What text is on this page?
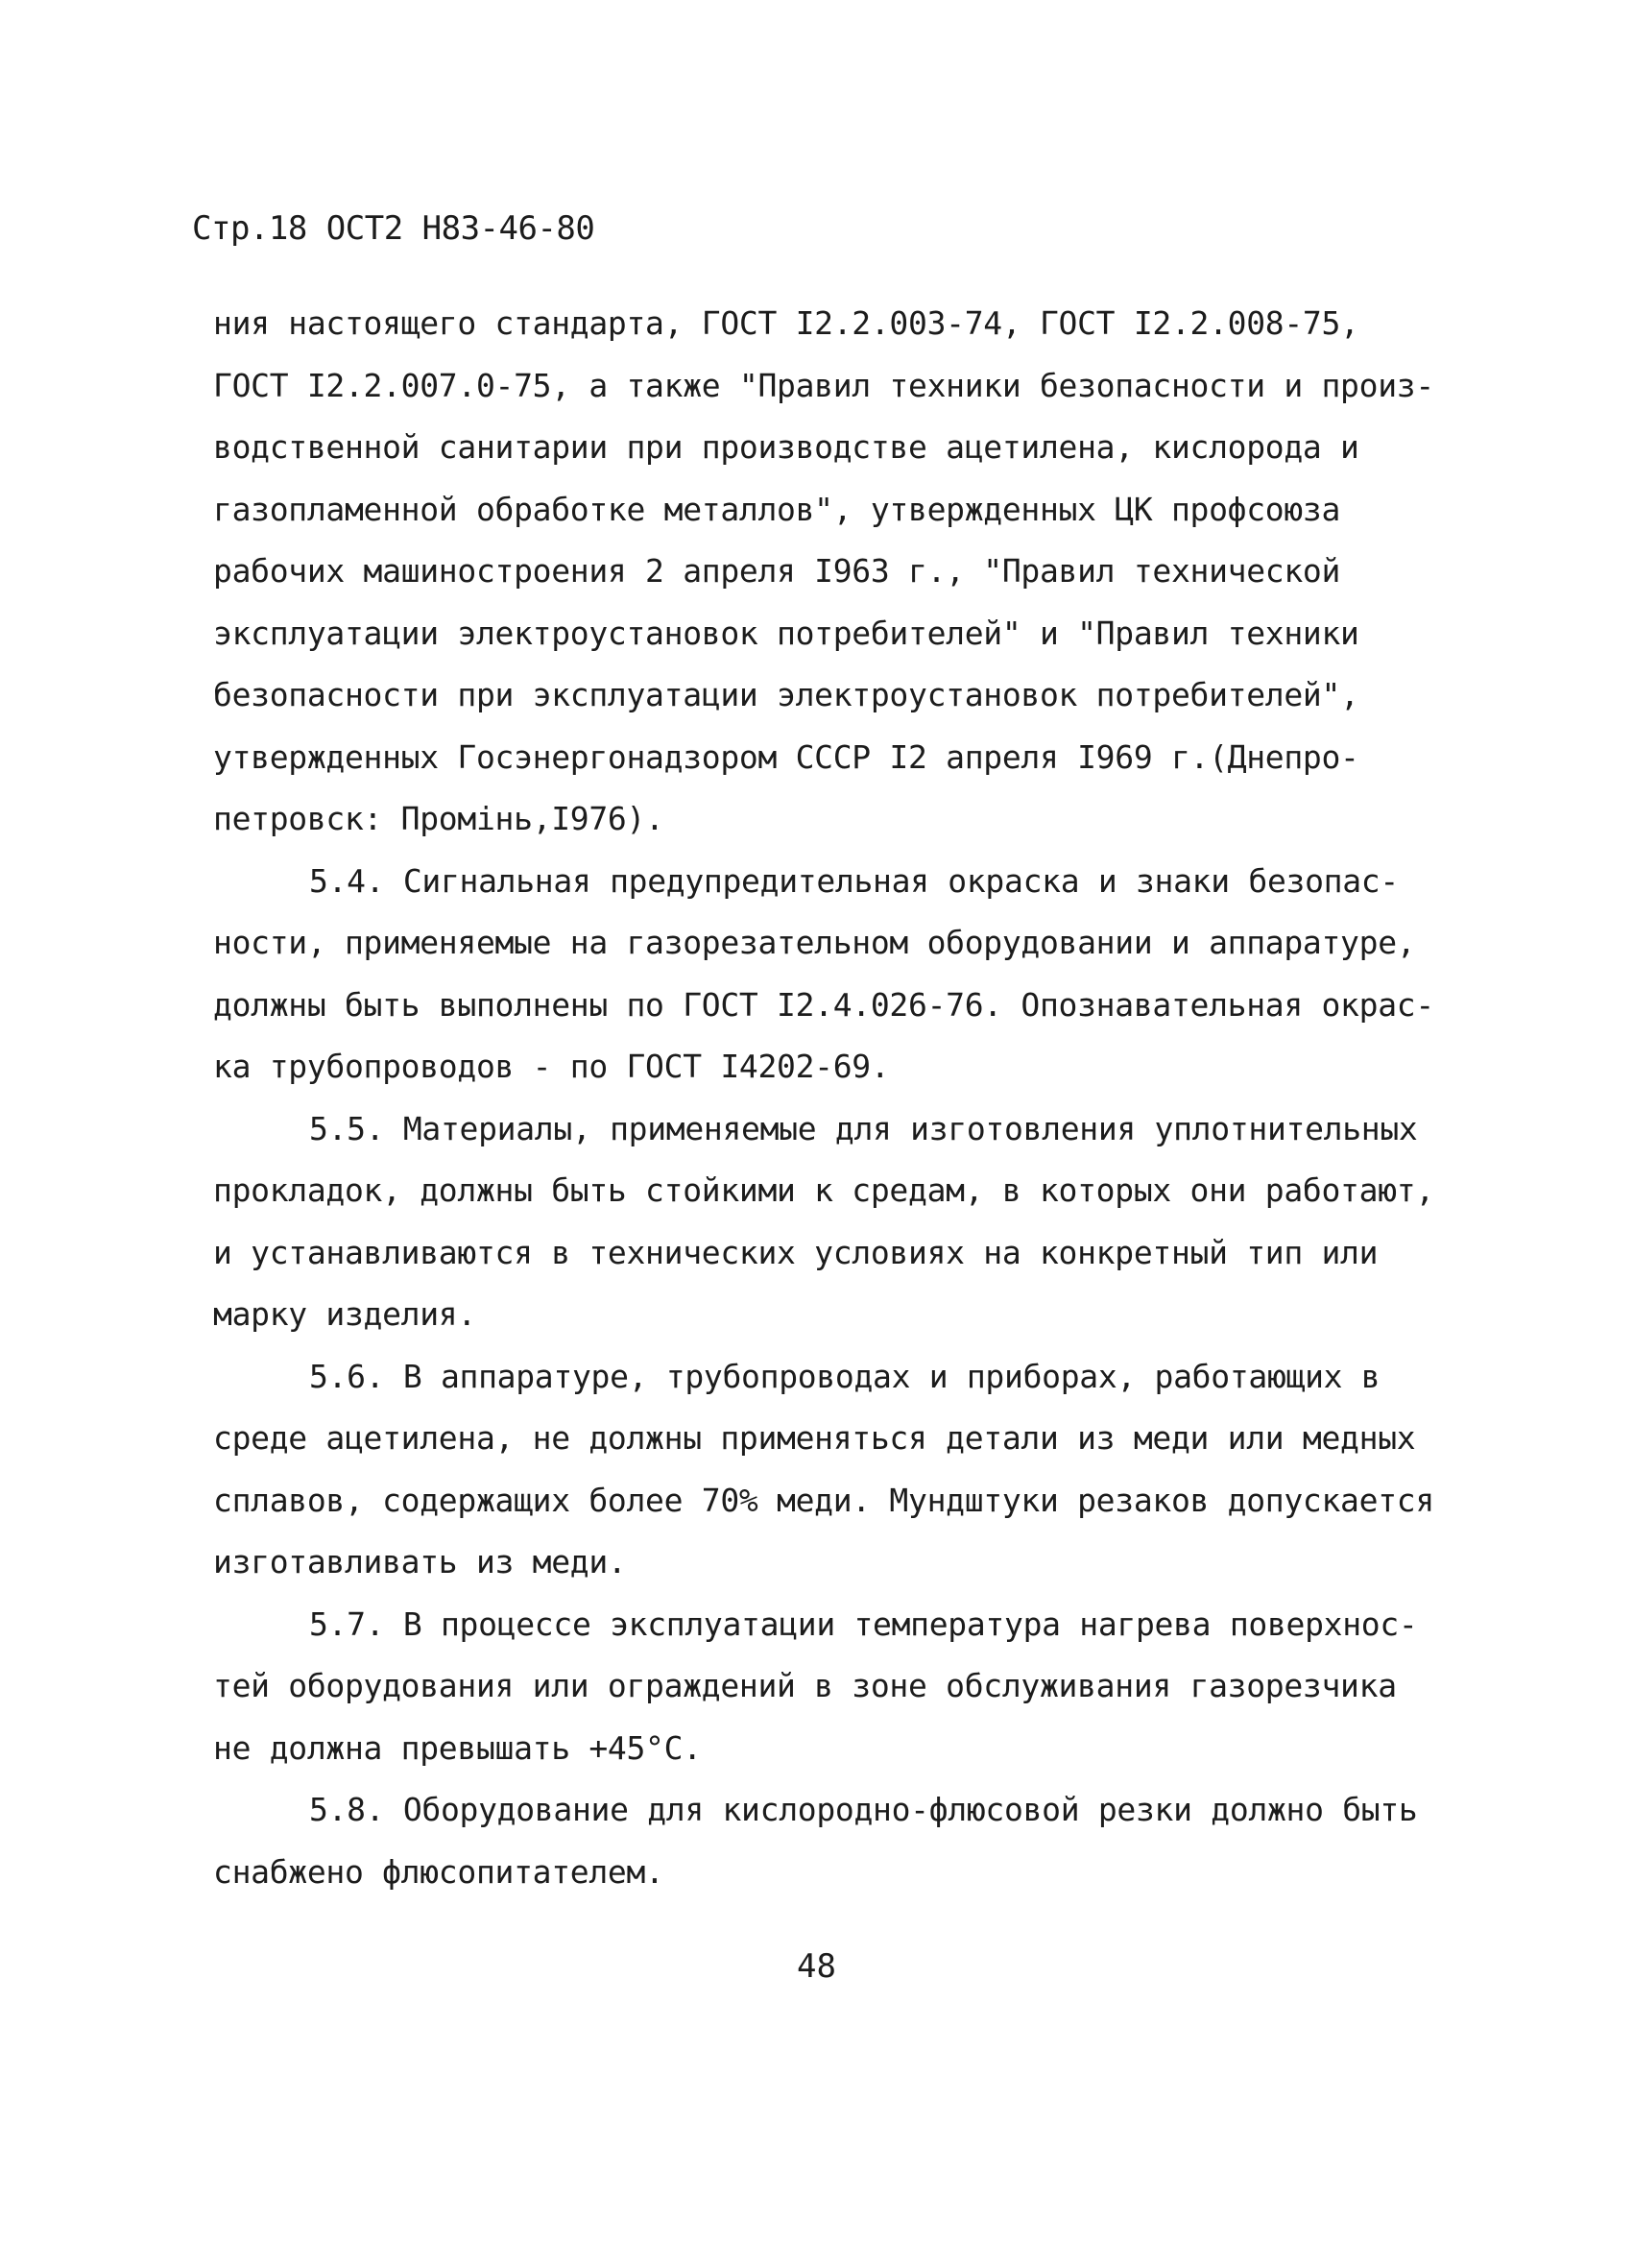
Стр.18 ОСТ2 Н83-46-80
ния настоящего стандарта, ГОСТ I2.2.003-74, ГОСТ I2.2.008-75,
ГОСТ I2.2.007.0-75, а также "Правил техники безопасности и произ-
водственной санитарии при производстве ацетилена, кислорода и
газопламенной обработке металлов", утвержденных ЦК профсоюза
рабочих машиностроения 2 апреля I963 г., "Правил технической
эксплуатации электроустановок потребителей" и "Правил техники
безопасности при эксплуатации электроустановок потребителей",
утвержденных Госэнергонадзором СССР I2 апреля I969 г.(Днепро-
петровск: Промінь,I976).
5.4. Сигнальная предупредительная окраска и знаки безопас-
ности, применяемые на газорезательном оборудовании и аппаратуре,
должны быть выполнены по ГОСТ I2.4.026-76. Опознавательная окрас-
ка трубопроводов - по ГОСТ I4202-69.
5.5. Материалы, применяемые для изготовления уплотнительных
прокладок, должны быть стойкими к средам, в которых они работают,
и устанавливаются в технических условиях на конкретный тип или
марку изделия.
5.6. В аппаратуре, трубопроводах и приборах, работающих в
среде ацетилена, не должны применяться детали из меди или медных
сплавов, содержащих более 70% меди. Мундштуки резаков допускается
изготавливать из меди.
5.7. В процессе эксплуатации температура нагрева поверхнос-
тей оборудования или ограждений в зоне обслуживания газорезчика
не должна превышать +45°С.
5.8. Оборудование для кислородно-флюсовой резки должно быть
снабжено флюсопитателем.
48
